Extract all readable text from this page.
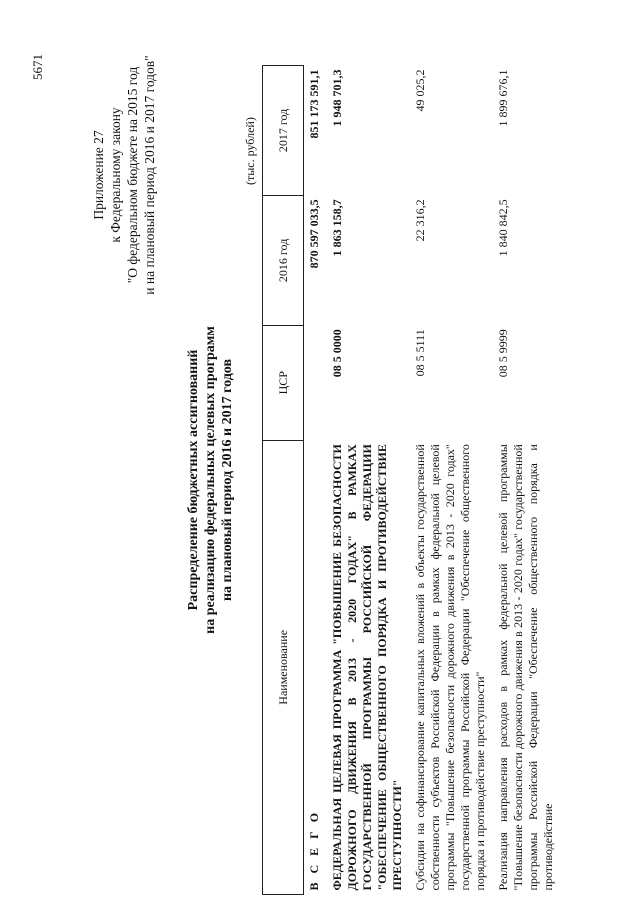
5671
Приложение 27 к Федеральному закону "О федеральном бюджете на 2015 год и на плановый период 2016 и 2017 годов"
Распределение бюджетных ассигнований на реализацию федеральных целевых программ на плановый период 2016 и 2017 годов
(тыс. рублей)
Наименование	ЦСР	2016 год	2017 год
В С Е Г О		870 597 033,5	851 173 591,1
ФЕДЕРАЛЬНАЯ ЦЕЛЕВАЯ ПРОГРАММА "ПОВЫШЕНИЕ БЕЗОПАСНОСТИ ДОРОЖНОГО ДВИЖЕНИЯ В 2013 - 2020 ГОДАХ" В РАМКАХ ГОСУДАРСТВЕННОЙ ПРОГРАММЫ РОССИЙСКОЙ ФЕДЕРАЦИИ "ОБЕСПЕЧЕНИЕ ОБЩЕСТВЕННОГО ПОРЯДКА И ПРОТИВОДЕЙСТВИЕ ПРЕСТУПНОСТИ"	08 5 0000	1 863 158,7	1 948 701,3
Субсидии на софинансирование капитальных вложений в объекты государственной собственности субъектов Российской Федерации в рамках федеральной целевой программы "Повышение безопасности дорожного движения в 2013 - 2020 годах" государственной программы Российской Федерации "Обеспечение общественного порядка и противодействие преступности"	08 5 5111	22 316,2	49 025,2
Реализация направления расходов в рамках федеральной целевой программы "Повышение безопасности дорожного движения в 2013 - 2020 годах" государственной программы Российской Федерации "Обеспечение общественного порядка и противодействие	08 5 9999	1 840 842,5	1 899 676,1
